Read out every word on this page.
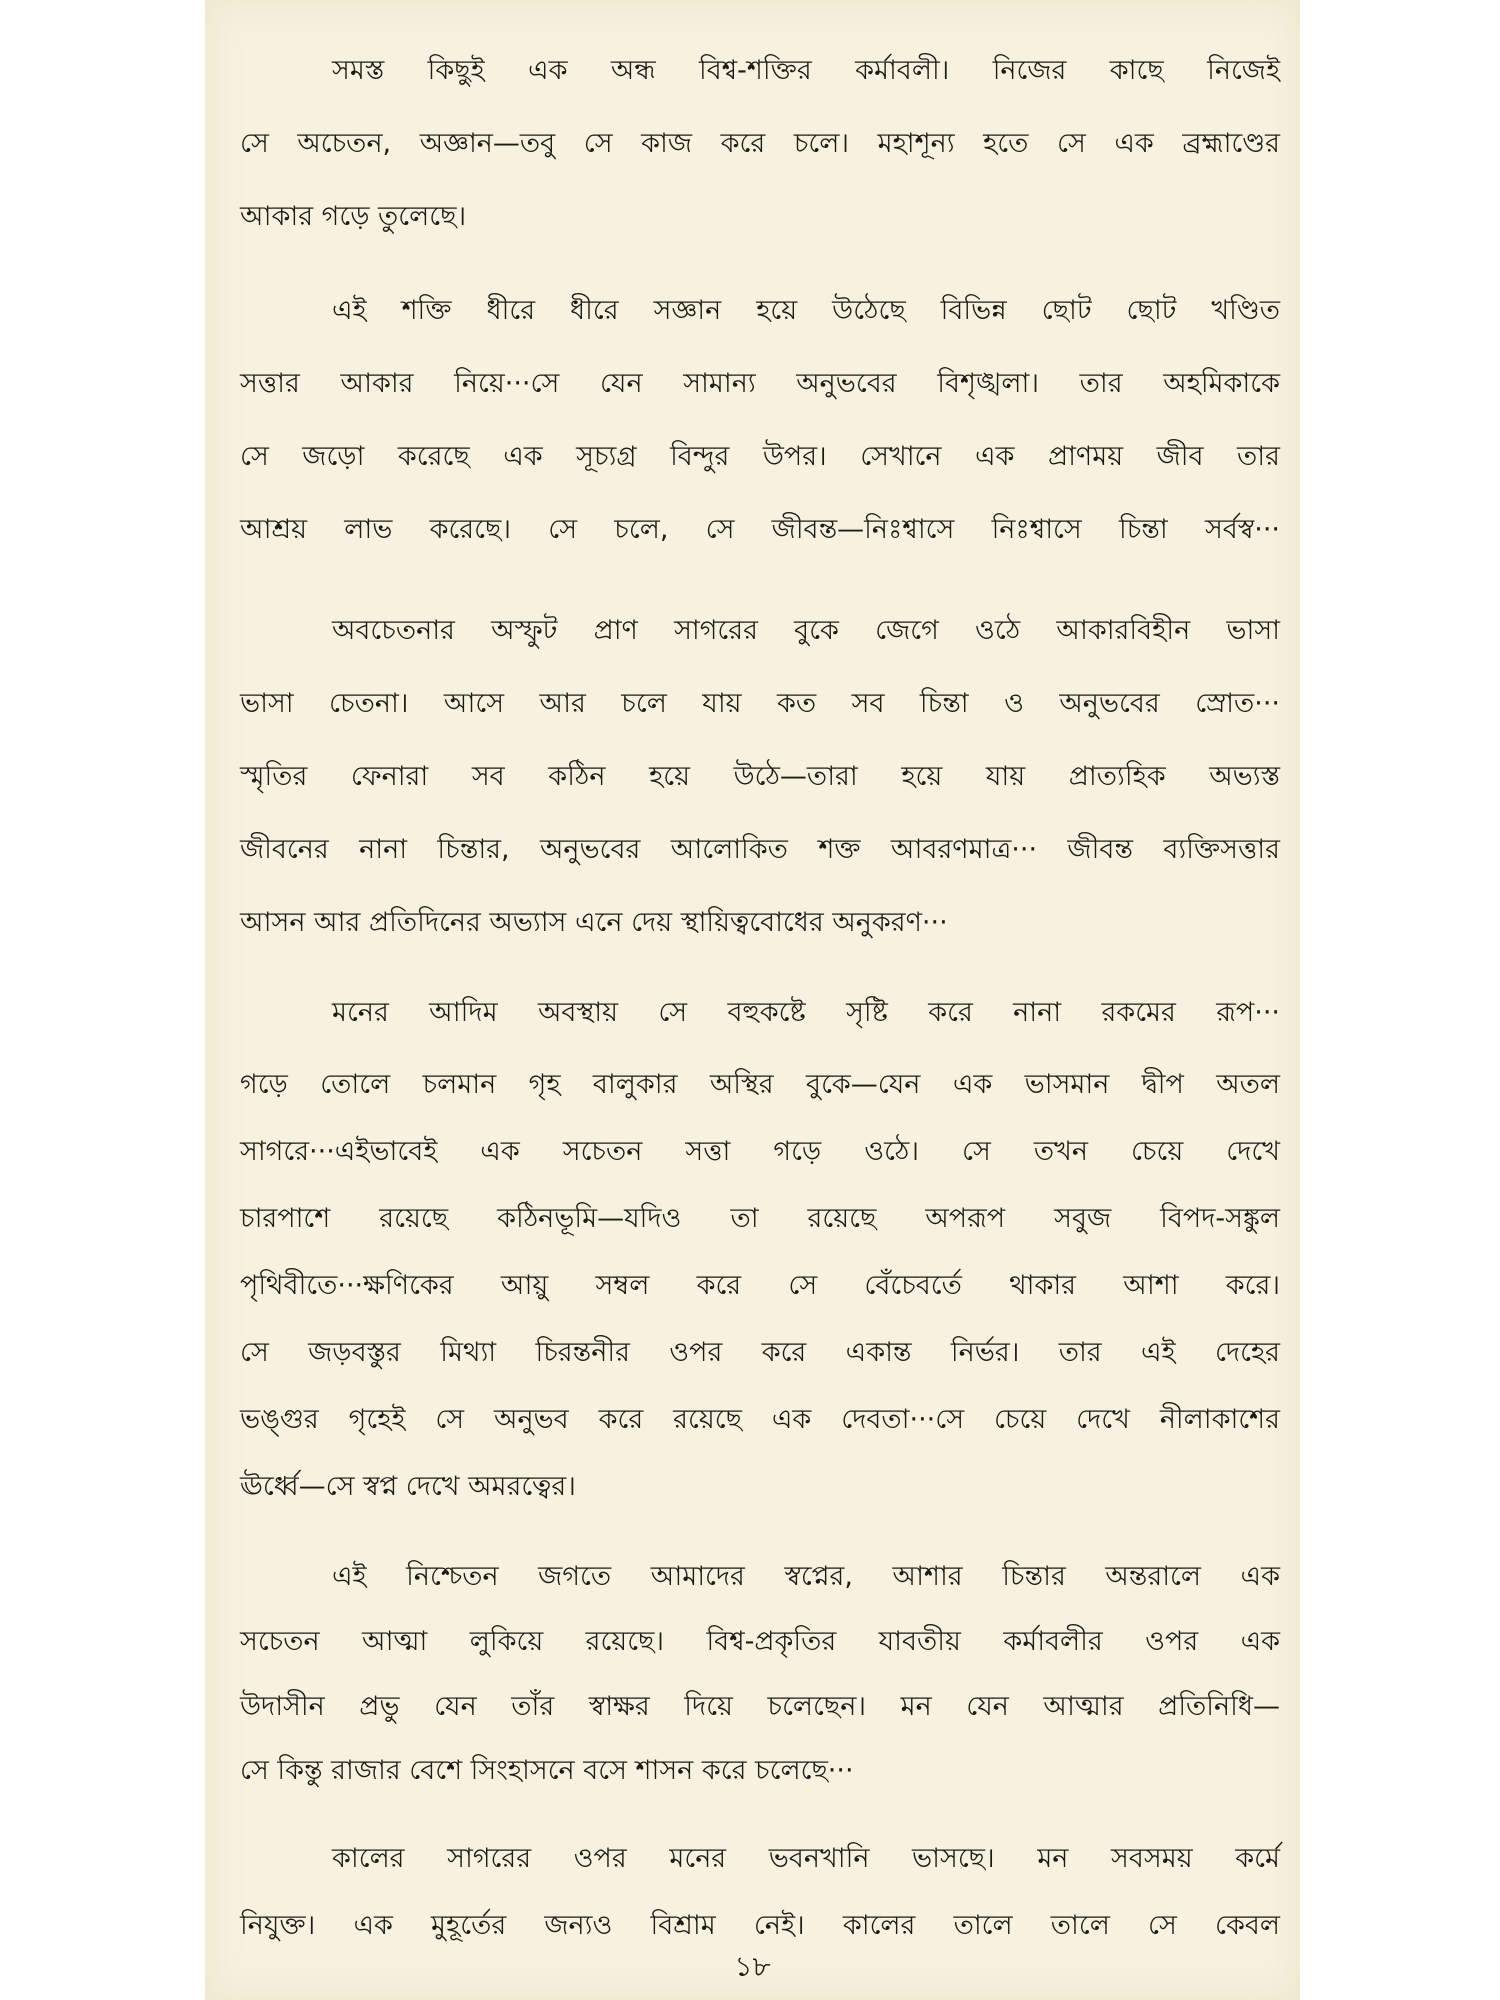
সমস্ত কিছুই এক অন্ধ বিশ্ব-শক্তির কর্মাবলী। নিজের কাছে নিজেই
সে অচেতন, অজ্ঞান—তবু সে কাজ করে চলে। মহাশূন্য হতে সে এক ব্রহ্মাণ্ডের
আকার গড়ে তুলেছে।
এই শক্তি ধীরে ধীরে সজ্ঞান হয়ে উঠেছে বিভিন্ন ছোট ছোট খণ্ডিত
সত্তার আকার নিয়ে···সে যেন সামান্য অনুভবের বিশৃঙ্খলা। তার অহমিকাকে
সে জড়ো করেছে এক সূচ্যগ্র বিন্দুর উপর। সেখানে এক প্রাণময় জীব তার
আশ্রয় লাভ করেছে। সে চলে, সে জীবন্ত—নিঃশ্বাসে নিঃশ্বাসে চিন্তা সর্বস্ব···
অবচেতনার অস্ফুট প্রাণ সাগরের বুকে জেগে ওঠে আকারবিহীন ভাসা
ভাসা চেতনা। আসে আর চলে যায় কত সব চিন্তা ও অনুভবের স্রোত···
স্মৃতির ফেনারা সব কঠিন হয়ে উঠে—তারা হয়ে যায় প্রাত্যহিক অভ্যস্ত
জীবনের নানা চিন্তার, অনুভবের আলোকিত শক্ত আবরণমাত্র··· জীবন্ত ব্যক্তিসত্তার
আসন আর প্রতিদিনের অভ্যাস এনে দেয় স্থায়িত্ববোধের অনুকরণ···
মনের আদিম অবস্থায় সে বহুকষ্টে সৃষ্টি করে নানা রকমের রূপ···
গড়ে তোলে চলমান গৃহ বালুকার অস্থির বুকে—যেন এক ভাসমান দ্বীপ অতল
সাগরে···এইভাবেই এক সচেতন সত্তা গড়ে ওঠে। সে তখন চেয়ে দেখে
চারপাশে রয়েছে কঠিনভূমি—যদিও তা রয়েছে অপরূপ সবুজ বিপদ-সঙ্কুল
পৃথিবীতে···ক্ষণিকের আয়ু সম্বল করে সে বেঁচেবর্তে থাকার আশা করে।
সে জড়বস্তুর মিথ্যা চিরন্তনীর ওপর করে একান্ত নির্ভর। তার এই দেহের
ভঙ্গুর গৃহেই সে অনুভব করে রয়েছে এক দেবতা···সে চেয়ে দেখে নীলাকাশের
ঊর্ধ্বে—সে স্বপ্ন দেখে অমরত্বের।
এই নিশ্চেতন জগতে আমাদের স্বপ্নের, আশার চিন্তার অন্তরালে এক
সচেতন আত্মা লুকিয়ে রয়েছে। বিশ্ব-প্রকৃতির যাবতীয় কর্মাবলীর ওপর এক
উদাসীন প্রভু যেন তাঁর স্বাক্ষর দিয়ে চলেছেন। মন যেন আত্মার প্রতিনিধি—
সে কিন্তু রাজার বেশে সিংহাসনে বসে শাসন করে চলেছে···
কালের সাগরের ওপর মনের ভবনখানি ভাসছে। মন সবসময় কর্মে
নিযুক্ত। এক মুহূর্তের জন্যও বিশ্রাম নেই। কালের তালে তালে সে কেবল
১৮
